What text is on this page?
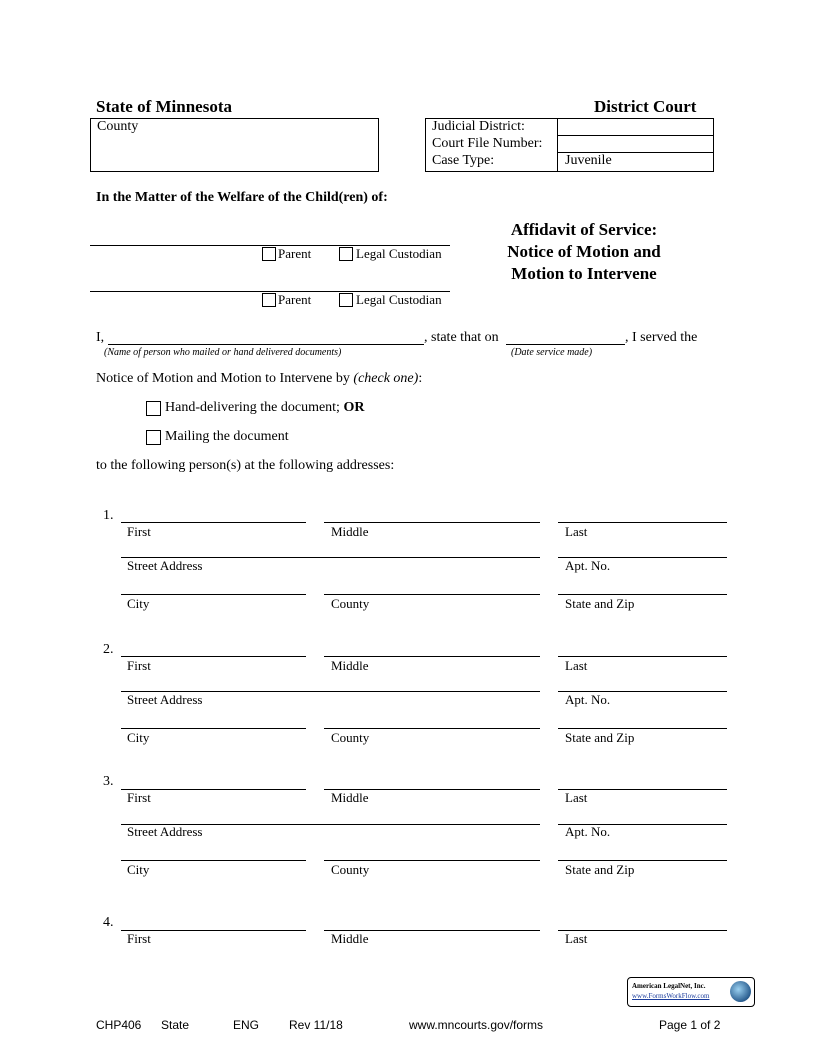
State of Minnesota	District Court
County	Judicial District:
Court File Number:
Case Type:	Juvenile
In the Matter of the Welfare of the Child(ren) of:
Parent	Legal Custodian
Parent	Legal Custodian
Affidavit of Service:
Notice of Motion and
Motion to Intervene
I,	, state that on	, I served the
(Name of person who mailed or hand delivered documents)	(Date service made)
Notice of Motion and Motion to Intervene by (check one):
Hand-delivering the document; OR
Mailing the document
to the following person(s) at the following addresses:
1.
First	Middle	Last
Street Address	Apt. No.
City	County	State and Zip
2.
First	Middle	Last
Street Address	Apt. No.
City	County	State and Zip
3.
First	Middle	Last
Street Address	Apt. No.
City	County	State and Zip
4.
First	Middle	Last
American LegalNet, Inc.
www.FormsWorkFlow.com
CHP406 State	ENG Rev 11/18	www.mncourts.gov/forms	Page 1 of 2
